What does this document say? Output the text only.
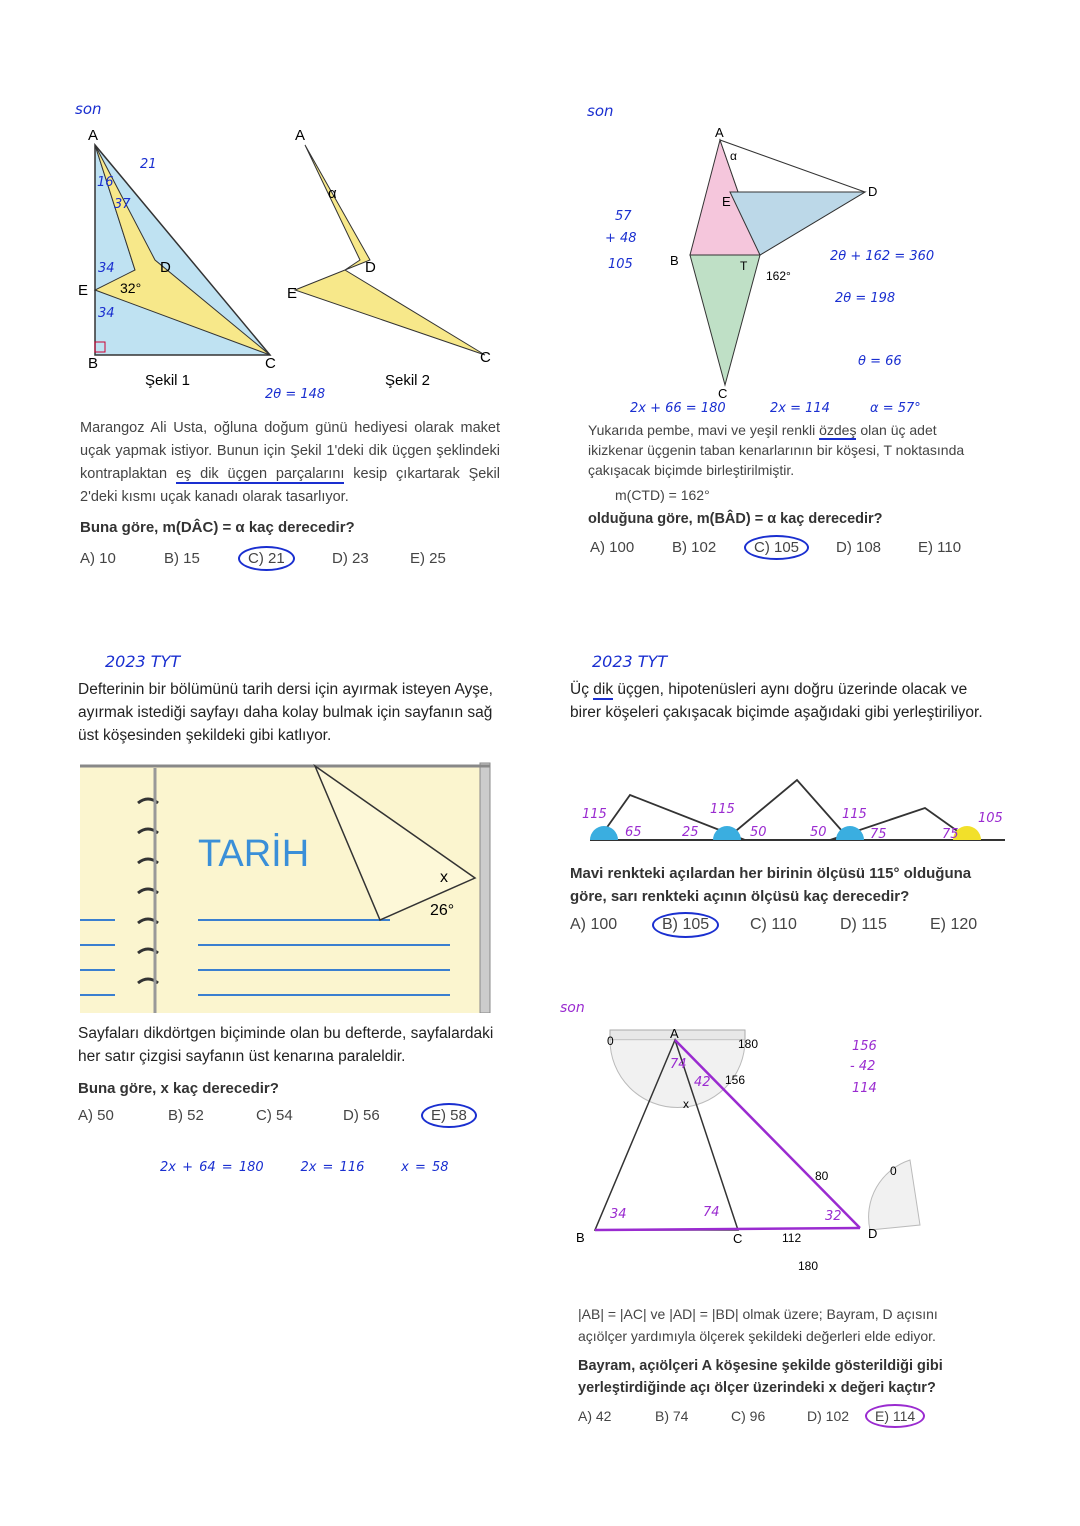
son
A
B	C
D
E 32°
Şekil 1
A
D
E
C
α
Şekil 2
21
16
37
34
34
2θ = 148
Marangoz Ali Usta, oğluna doğum günü hediyesi olarak maket uçak yapmak istiyor. Bunun için Şekil 1'deki dik üçgen şeklindeki kontraplaktan eş dik üçgen parçalarını kesip çıkartarak Şekil 2'deki kısmı uçak kanadı olarak tasarlıyor.
Buna göre, m(DÂC) = α kaç derecedir?
A) 10	B) 15	C) 21	D) 23	E) 25
son
A
B
C
D
E
T
162°
α
57
+ 48
105
2θ + 162 = 360
2θ = 198
θ = 66
2x + 66 = 180	2x = 114	α = 57°
Yukarıda pembe, mavi ve yeşil renkli özdeş olan üç adet ikizkenar üçgenin taban kenarlarının bir köşesi, T noktasında çakışacak biçimde birleştirilmiştir.
m(CTD) = 162°
olduğuna göre, m(BÂD) = α kaç derecedir?
A) 100	B) 102	C) 105	D) 108	E) 110
2023 TYT
Defterinin bir bölümünü tarih dersi için ayırmak isteyen Ayşe, ayırmak istediği sayfayı daha kolay bulmak için sayfanın sağ üst köşesinden şekildeki gibi katlıyor.
TARİH
x
26°
Sayfaları dikdörtgen biçiminde olan bu defterde, sayfalardaki her satır çizgisi sayfanın üst kenarına paraleldir.
Buna göre, x kaç derecedir?
A) 50	B) 52	C) 54	D) 56	E) 58
2x + 64 = 180	2x = 116	x = 58
2023 TYT
Üç dik üçgen, hipotenüsleri aynı doğru üzerinde olacak ve birer köşeleri çakışacak biçimde aşağıdaki gibi yerleştiriliyor.
115	115	115
65	25	50	50	75	75
105
Mavi renkteki açılardan her birinin ölçüsü 115° olduğuna göre, sarı renkteki açının ölçüsü kaç derecedir?
A) 100	B) 105	C) 110	D) 115	E) 120
son
A
B	C	D
x
0	180
156
80	0
112
180
156
- 42
114
74
42
32
34	74
|AB| = |AC| ve |AD| = |BD| olmak üzere; Bayram, D açısını açıölçer yardımıyla ölçerek şekildeki değerleri elde ediyor.
Bayram, açıölçeri A köşesine şekilde gösterildiği gibi yerleştirdiğinde açı ölçer üzerindeki x değeri kaçtır?
A) 42	B) 74	C) 96	D) 102	E) 114
